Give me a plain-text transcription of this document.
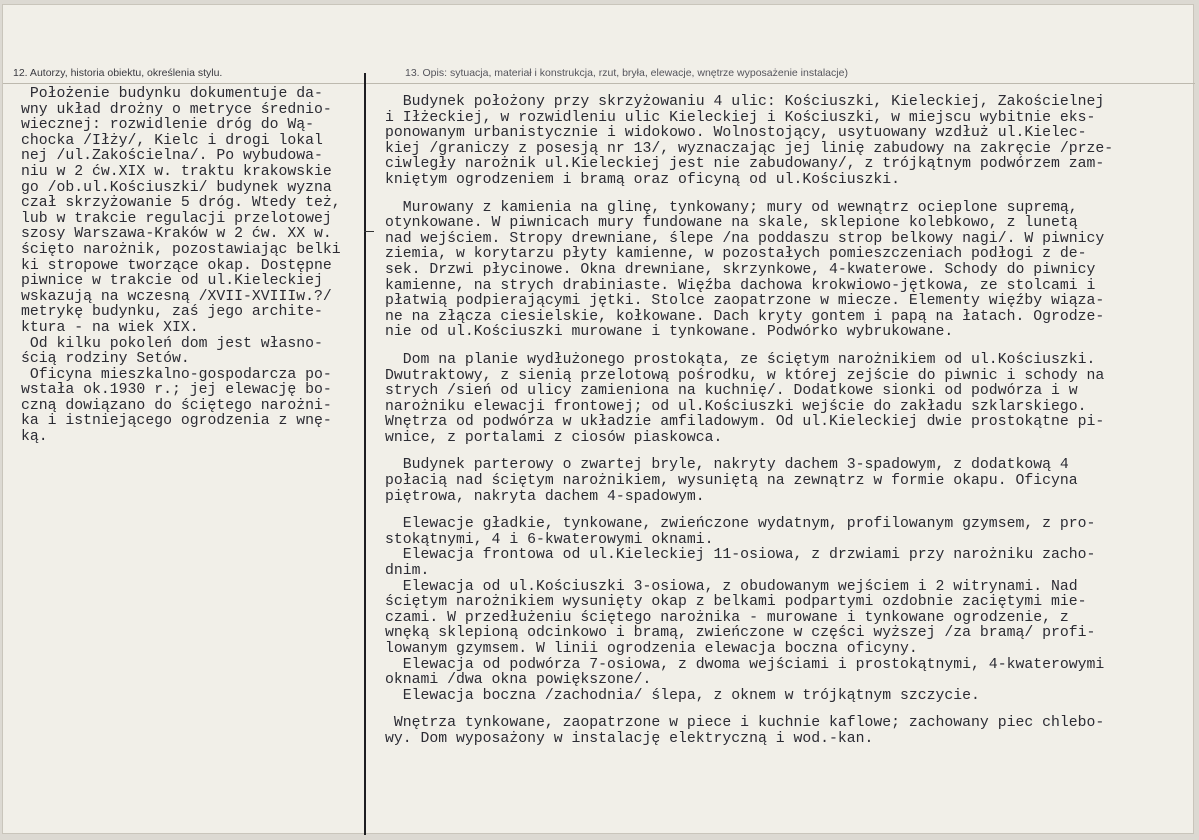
12. Autorzy, historia obiektu, określenia stylu.	13. Opis: sytuacja, materiał i konstrukcja, rzut, bryła, elewacje, wnętrze wyposażenie instalacje)

Położenie budynku dokumentuje da-
wny układ drożny o metryce średnio-
wiecznej: rozwidlenie dróg do Wą-
chocka /Iłży/, Kielc i drogi lokal
nej /ul.Zakościelna/. Po wybudowa-
niu w 2 ćw.XIX w. traktu krakowskie
go /ob.ul.Kościuszki/ budynek wyzna
czał skrzyżowanie 5 dróg. Wtedy też,
lub w trakcie regulacji przelotowej
szosy Warszawa-Kraków w 2 ćw. XX w.
ścięto narożnik, pozostawiając belki
ki stropowe tworzące okap. Dostępne
piwnice w trakcie od ul.Kieleckiej
wskazują na wczesną /XVII-XVIIIw.?/
metrykę budynku, zaś jego archite-
ktura - na wiek XIX.

Od kilku pokoleń dom jest własno-
ścią rodziny Setów.

Oficyna mieszkalno-gospodarcza po-
wstała ok.1930 r.; jej elewację bo-
czną dowiązano do ściętego narożni-
ka i istniejącego ogrodzenia z wnę-
ką.

Budynek położony przy skrzyżowaniu 4 ulic: Kościuszki, Kieleckiej, Zakościelnej
i Iłżeckiej, w rozwidleniu ulic Kieleckiej i Kościuszki, w miejscu wybitnie eks-
ponowanym urbanistycznie i widokowo. Wolnostojący, usytuowany wzdłuż ul.Kielec-
kiej /graniczy z posesją nr 13/, wyznaczając jej linię zabudowy na zakręcie /prze-
ciwległy narożnik ul.Kieleckiej jest nie zabudowany/, z trójkątnym podwórzem zam-
kniętym ogrodzeniem i bramą oraz oficyną od ul.Kościuszki.

Murowany z kamienia na glinę, tynkowany; mury od wewnątrz ocieplone supremą,
otynkowane. W piwnicach mury fundowane na skale, sklepione kolebkowo, z lunetą
nad wejściem. Stropy drewniane, ślepe /na poddaszu strop belkowy nagi/. W piwnicy
ziemia, w korytarzu płyty kamienne, w pozostałych pomieszczeniach podłogi z de-
sek. Drzwi płycinowe. Okna drewniane, skrzynkowe, 4-kwaterowe. Schody do piwnicy
kamienne, na strych drabiniaste. Więźba dachowa krokwiowo-jętkowa, ze stolcami i
płatwią podpierającymi jętki. Stolce zaopatrzone w miecze. Elementy więźby wiąza-
ne na złącza ciesielskie, kołkowane. Dach kryty gontem i papą na łatach. Ogrodze-
nie od ul.Kościuszki murowane i tynkowane. Podwórko wybrukowane.

Dom na planie wydłużonego prostokąta, ze ściętym narożnikiem od ul.Kościuszki.
Dwutraktowy, z sienią przelotową pośrodku, w której zejście do piwnic i schody na
strych /sień od ulicy zamieniona na kuchnię/. Dodatkowe sionki od podwórza i w
narożniku elewacji frontowej; od ul.Kościuszki wejście do zakładu szklarskiego.
Wnętrza od podwórza w układzie amfiladowym. Od ul.Kieleckiej dwie prostokątne pi-
wnice, z portalami z ciosów piaskowca.

Budynek parterowy o zwartej bryle, nakryty dachem 3-spadowym, z dodatkową 4
połacią nad ściętym narożnikiem, wysuniętą na zewnątrz w formie okapu. Oficyna
piętrowa, nakryta dachem 4-spadowym.

Elewacje gładkie, tynkowane, zwieńczone wydatnym, profilowanym gzymsem, z pro-
stokątnymi, 4 i 6-kwaterowymi oknami.
Elewacja frontowa od ul.Kieleckiej 11-osiowa, z drzwiami przy narożniku zacho-
dnim.
Elewacja od ul.Kościuszki 3-osiowa, z obudowanym wejściem i 2 witrynami. Nad
ściętym narożnikiem wysunięty okap z belkami podpartymi ozdobnie zaciętymi mie-
czami. W przedłużeniu ściętego narożnika - murowane i tynkowane ogrodzenie, z
wnęką sklepioną odcinkowo i bramą, zwieńczone w części wyższej /za bramą/ profi-
lowanym gzymsem. W linii ogrodzenia elewacja boczna oficyny.
Elewacja od podwórza 7-osiowa, z dwoma wejściami i prostokątnymi, 4-kwaterowymi
oknami /dwa okna powiększone/.
Elewacja boczna /zachodnia/ ślepa, z oknem w trójkątnym szczycie.

Wnętrza tynkowane, zaopatrzone w piece i kuchnie kaflowe; zachowany piec chlebo-
wy. Dom wyposażony w instalację elektryczną i wod.-kan.
